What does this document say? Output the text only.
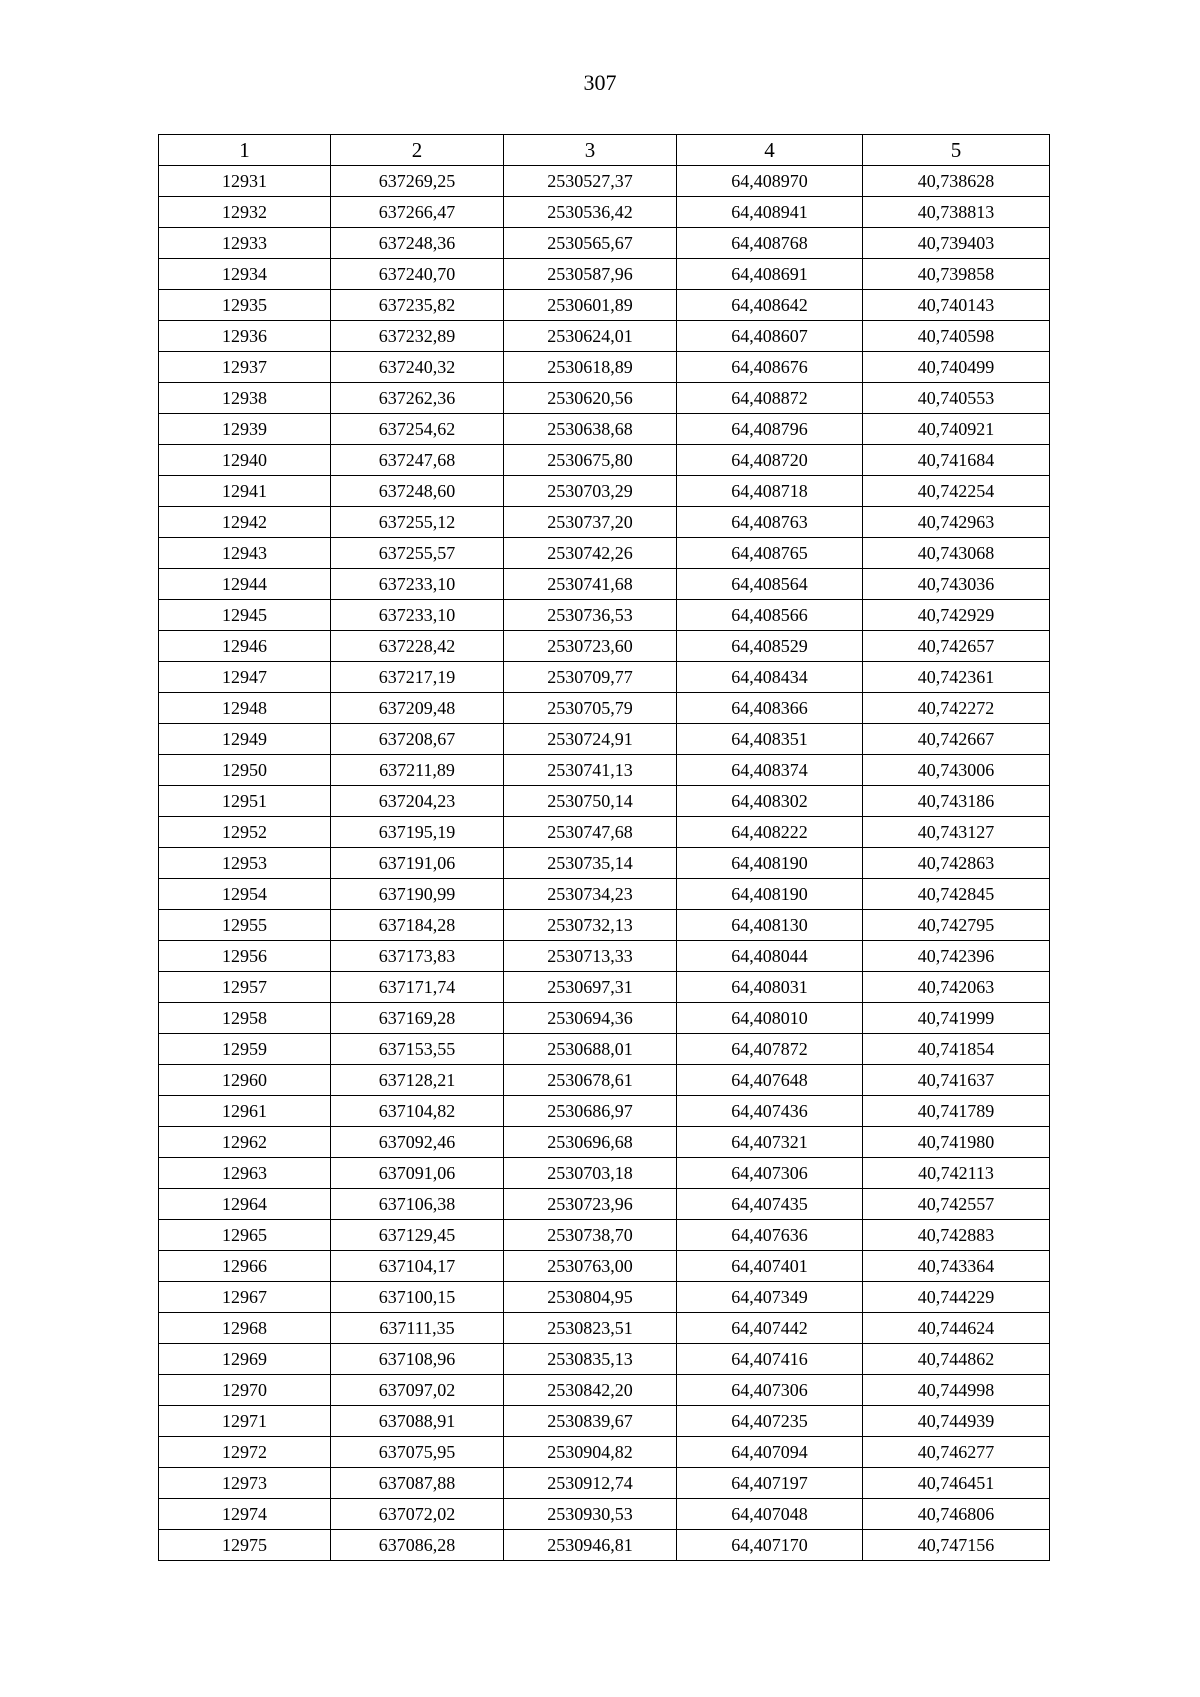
307
1	2	3	4	5
12931	637269,25	2530527,37	64,408970	40,738628
12932	637266,47	2530536,42	64,408941	40,738813
12933	637248,36	2530565,67	64,408768	40,739403
12934	637240,70	2530587,96	64,408691	40,739858
12935	637235,82	2530601,89	64,408642	40,740143
12936	637232,89	2530624,01	64,408607	40,740598
12937	637240,32	2530618,89	64,408676	40,740499
12938	637262,36	2530620,56	64,408872	40,740553
12939	637254,62	2530638,68	64,408796	40,740921
12940	637247,68	2530675,80	64,408720	40,741684
12941	637248,60	2530703,29	64,408718	40,742254
12942	637255,12	2530737,20	64,408763	40,742963
12943	637255,57	2530742,26	64,408765	40,743068
12944	637233,10	2530741,68	64,408564	40,743036
12945	637233,10	2530736,53	64,408566	40,742929
12946	637228,42	2530723,60	64,408529	40,742657
12947	637217,19	2530709,77	64,408434	40,742361
12948	637209,48	2530705,79	64,408366	40,742272
12949	637208,67	2530724,91	64,408351	40,742667
12950	637211,89	2530741,13	64,408374	40,743006
12951	637204,23	2530750,14	64,408302	40,743186
12952	637195,19	2530747,68	64,408222	40,743127
12953	637191,06	2530735,14	64,408190	40,742863
12954	637190,99	2530734,23	64,408190	40,742845
12955	637184,28	2530732,13	64,408130	40,742795
12956	637173,83	2530713,33	64,408044	40,742396
12957	637171,74	2530697,31	64,408031	40,742063
12958	637169,28	2530694,36	64,408010	40,741999
12959	637153,55	2530688,01	64,407872	40,741854
12960	637128,21	2530678,61	64,407648	40,741637
12961	637104,82	2530686,97	64,407436	40,741789
12962	637092,46	2530696,68	64,407321	40,741980
12963	637091,06	2530703,18	64,407306	40,742113
12964	637106,38	2530723,96	64,407435	40,742557
12965	637129,45	2530738,70	64,407636	40,742883
12966	637104,17	2530763,00	64,407401	40,743364
12967	637100,15	2530804,95	64,407349	40,744229
12968	637111,35	2530823,51	64,407442	40,744624
12969	637108,96	2530835,13	64,407416	40,744862
12970	637097,02	2530842,20	64,407306	40,744998
12971	637088,91	2530839,67	64,407235	40,744939
12972	637075,95	2530904,82	64,407094	40,746277
12973	637087,88	2530912,74	64,407197	40,746451
12974	637072,02	2530930,53	64,407048	40,746806
12975	637086,28	2530946,81	64,407170	40,747156
